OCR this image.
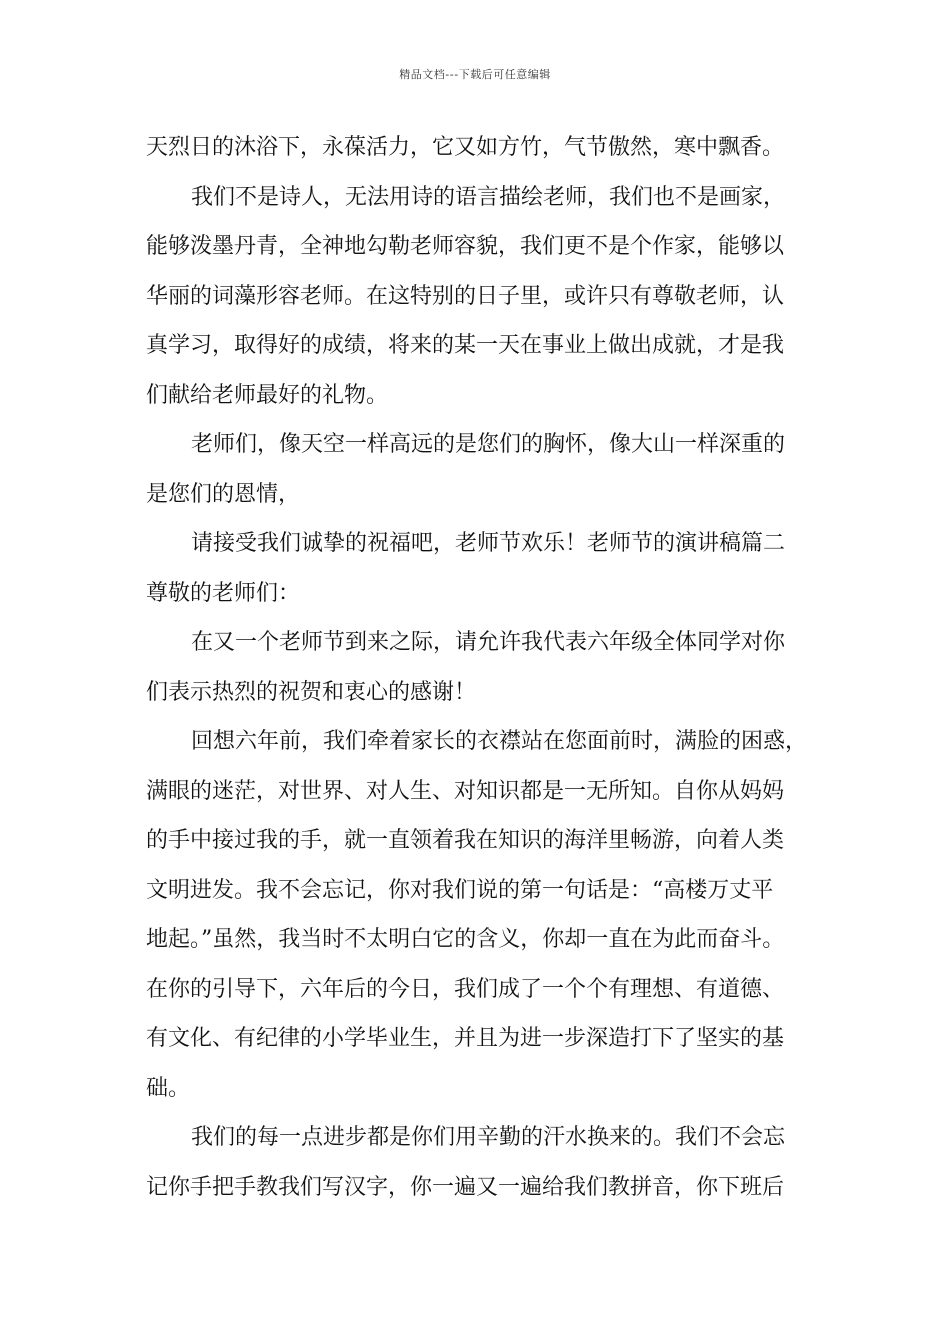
精品文档---下载后可任意编辑
天烈日的沐浴下，永葆活力，它又如方竹，气节傲然，寒中飘香。
我们不是诗人，无法用诗的语言描绘老师，我们也不是画家，
能够泼墨丹青，全神地勾勒老师容貌，我们更不是个作家，能够以
华丽的词藻形容老师。在这特别的日子里，或许只有尊敬老师，认
真学习，取得好的成绩，将来的某一天在事业上做出成就，才是我
们献给老师最好的礼物。
老师们，像天空一样高远的是您们的胸怀，像大山一样深重的
是您们的恩情，
请接受我们诚挚的祝福吧，老师节欢乐！老师节的演讲稿篇二
尊敬的老师们：
在又一个老师节到来之际，请允许我代表六年级全体同学对你
们表示热烈的祝贺和衷心的感谢！
回想六年前，我们牵着家长的衣襟站在您面前时，满脸的困惑，
满眼的迷茫，对世界、对人生、对知识都是一无所知。自你从妈妈
的手中接过我的手，就一直领着我在知识的海洋里畅游，向着人类
文明进发。我不会忘记，你对我们说的第一句话是：“高楼万丈平
地起。”虽然，我当时不太明白它的含义，你却一直在为此而奋斗。
在你的引导下，六年后的今日，我们成了一个个有理想、有道德、
有文化、有纪律的小学毕业生，并且为进一步深造打下了坚实的基
础。
我们的每一点进步都是你们用辛勤的汗水换来的。我们不会忘
记你手把手教我们写汉字，你一遍又一遍给我们教拼音，你下班后
